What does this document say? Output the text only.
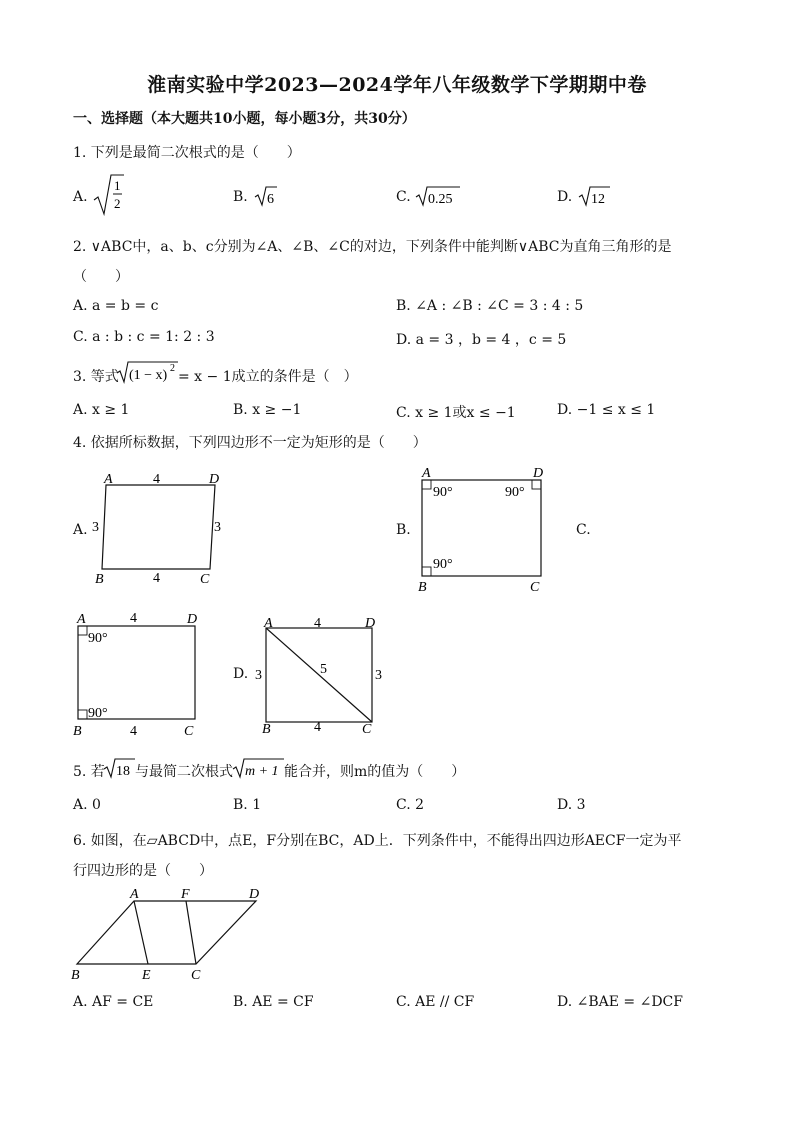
淮南实验中学2023—2024学年八年级数学下学期期中卷
一、选择题（本大题共10小题，每小题3分，共30分）
1. 下列是最简二次根式的是（　　）
A.
1
2	B. 6	C. 0.25	D. 12
2. ∨ABC中，a、b、c分别为∠A、∠B、∠C的对边，下列条件中能判断∨ABC为直角三角形的是
（　　）
A. a = b = c	B. ∠A : ∠B : ∠C = 3 : 4 : 5
C. a : b : c = 1: 2 : 3	D. a = 3 ，b = 4 ，c = 5
3. 等式 (1 − x) 2
= x − 1成立的条件是（　）
A. x ≥ 1	B. x ≥ −1	C. x ≥ 1或x ≤ −1	D. −1 ≤ x ≤ 1
4. 依据所标数据，下列四边形不一定为矩形的是（　　）
A.
A	D
B	C
4
4
3	3	B.
A	D
B	C
90°	90°
90°
C.
A	D
B	C
4
4
90°
90°
D.
A	D
B	C
4
4
3	3
5
5. 若 18 与最简二次根式 m + 1 能合并，则m的值为（　　）
A. 0	B. 1	C. 2	D. 3
6. 如图，在▱ABCD中，点E，F分别在BC，AD上．下列条件中，不能得出四边形AECF一定为平
行四边形的是（　　）
A	F	D
B	E	C
A. AF = CE	B. AE = CF	C. AE // CF	D. ∠BAE = ∠DCF
